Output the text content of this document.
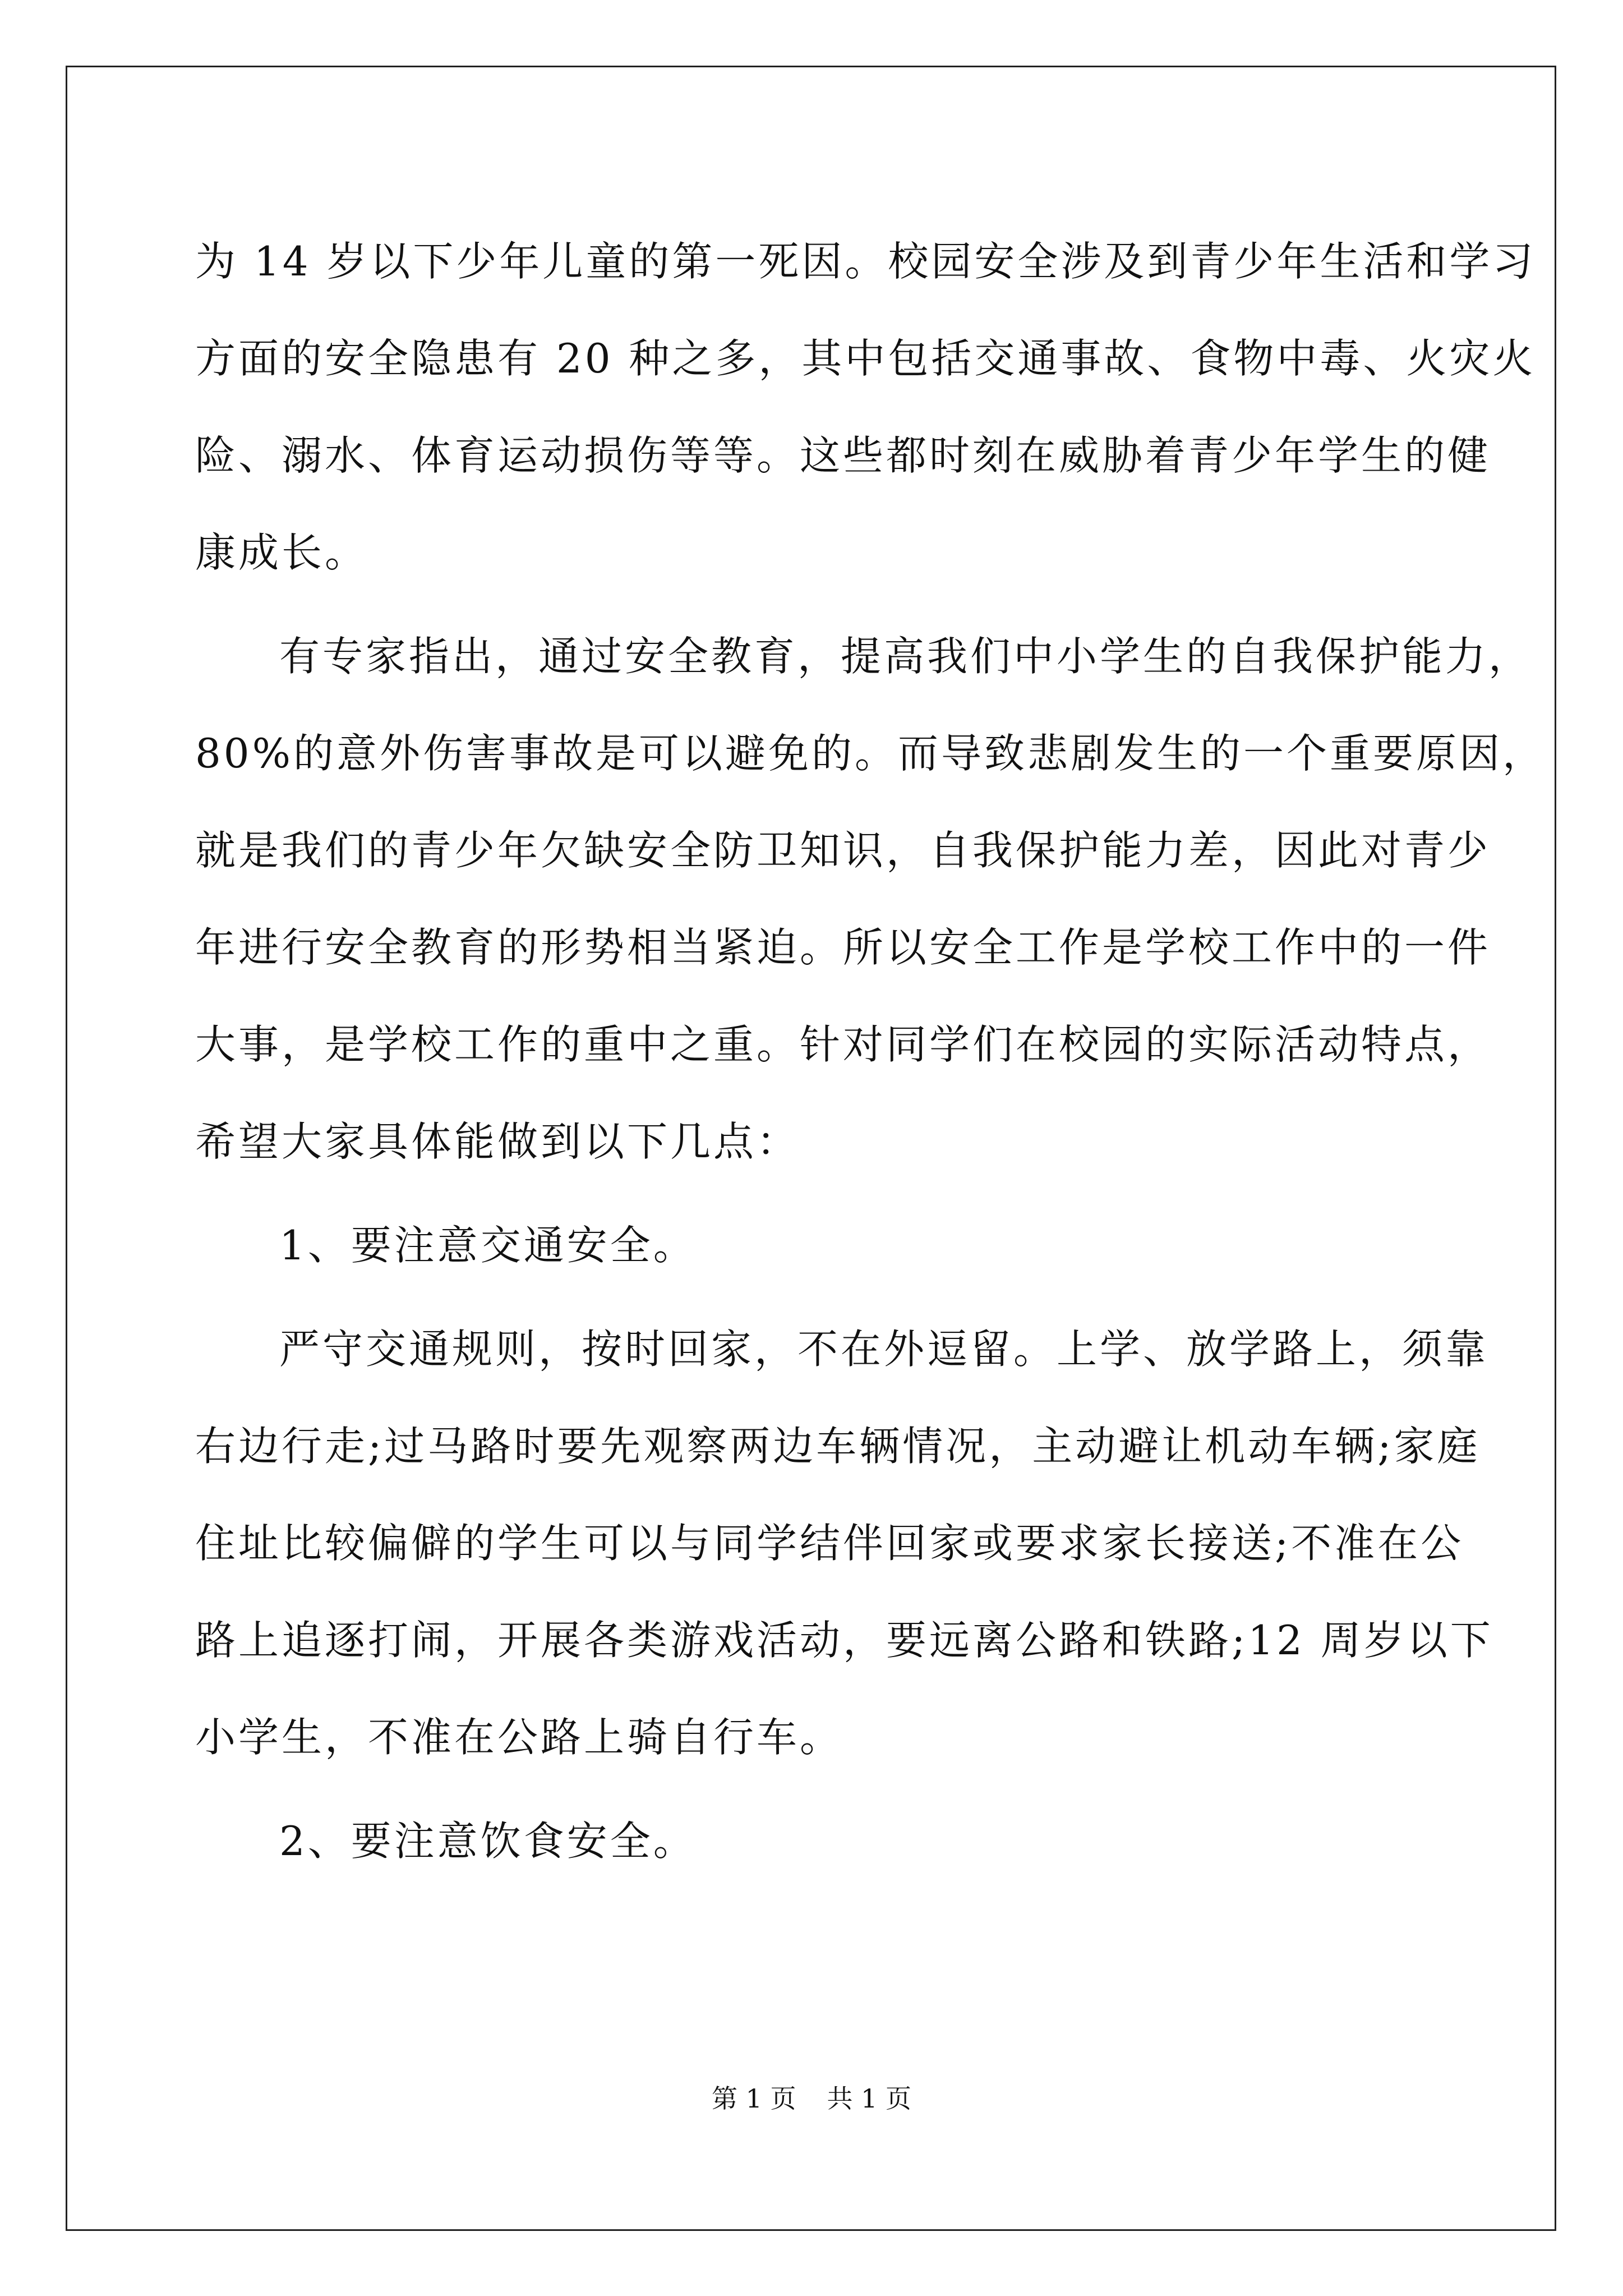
为 14 岁以下少年儿童的第一死因。校园安全涉及到青少年生活和学习
方面的安全隐患有 20 种之多，其中包括交通事故、食物中毒、火灾火
险、溺水、体育运动损伤等等。这些都时刻在威胁着青少年学生的健
康成长。
有专家指出，通过安全教育，提高我们中小学生的自我保护能力，
80%的意外伤害事故是可以避免的。而导致悲剧发生的一个重要原因，
就是我们的青少年欠缺安全防卫知识，自我保护能力差，因此对青少
年进行安全教育的形势相当紧迫。所以安全工作是学校工作中的一件
大事，是学校工作的重中之重。针对同学们在校园的实际活动特点，
希望大家具体能做到以下几点：
1、要注意交通安全。
严守交通规则，按时回家，不在外逗留。上学、放学路上，须靠
右边行走;过马路时要先观察两边车辆情况，主动避让机动车辆;家庭
住址比较偏僻的学生可以与同学结伴回家或要求家长接送;不准在公
路上追逐打闹，开展各类游戏活动，要远离公路和铁路;12 周岁以下
小学生，不准在公路上骑自行车。
2、要注意饮食安全。
第 1 页 共 1 页
